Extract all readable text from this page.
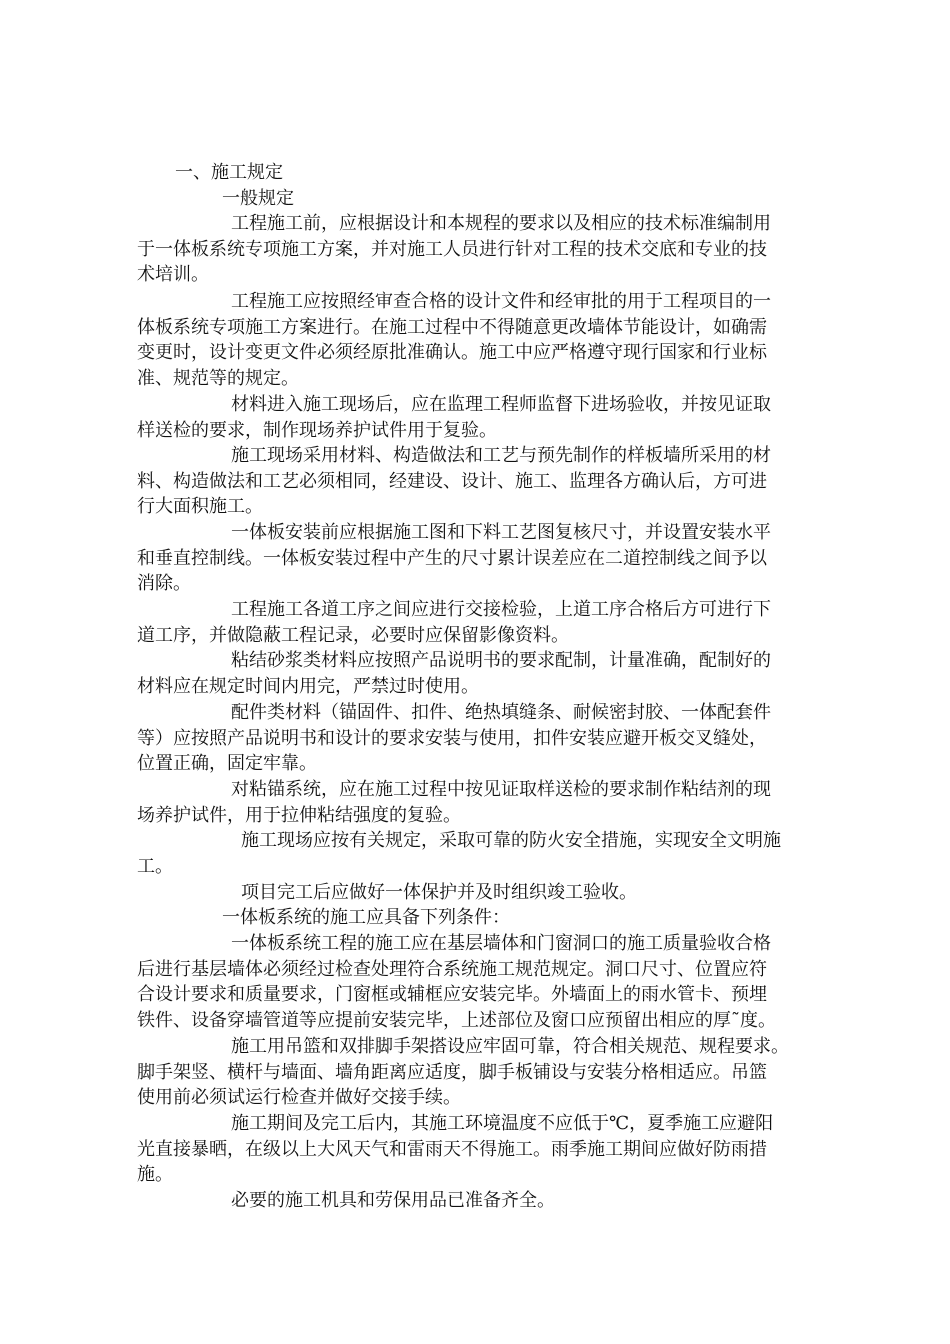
一、施工规定
一般规定
工程施工前，应根据设计和本规程的要求以及相应的技术标准编制用
于一体板系统专项施工方案，并对施工人员进行针对工程的技术交底和专业的技
术培训。
工程施工应按照经审查合格的设计文件和经审批的用于工程项目的一
体板系统专项施工方案进行。在施工过程中不得随意更改墙体节能设计，如确需
变更时，设计变更文件必须经原批准确认。施工中应严格遵守现行国家和行业标
准、规范等的规定。
材料进入施工现场后，应在监理工程师监督下进场验收，并按见证取
样送检的要求，制作现场养护试件用于复验。
施工现场采用材料、构造做法和工艺与预先制作的样板墙所采用的材
料、构造做法和工艺必须相同，经建设、设计、施工、监理各方确认后，方可进
行大面积施工。
一体板安装前应根据施工图和下料工艺图复核尺寸，并设置安装水平
和垂直控制线。一体板安装过程中产生的尺寸累计误差应在二道控制线之间予以
消除。
工程施工各道工序之间应进行交接检验，上道工序合格后方可进行下
道工序，并做隐蔽工程记录，必要时应保留影像资料。
粘结砂浆类材料应按照产品说明书的要求配制，计量准确，配制好的
材料应在规定时间内用完，严禁过时使用。
配件类材料（锚固件、扣件、绝热填缝条、耐候密封胶、一体配套件
等）应按照产品说明书和设计的要求安装与使用，扣件安装应避开板交叉缝处，
位置正确，固定牢靠。
对粘锚系统，应在施工过程中按见证取样送检的要求制作粘结剂的现
场养护试件，用于拉伸粘结强度的复验。
施工现场应按有关规定，采取可靠的防火安全措施，实现安全文明施
工。
项目完工后应做好一体保护并及时组织竣工验收。
一体板系统的施工应具备下列条件：
一体板系统工程的施工应在基层墙体和门窗洞口的施工质量验收合格
后进行基层墙体必须经过检查处理符合系统施工规范规定。洞口尺寸、位置应符
合设计要求和质量要求，门窗框或辅框应安装完毕。外墙面上的雨水管卡、预埋
铁件、设备穿墙管道等应提前安装完毕，上述部位及窗口应预留出相应的厚˜度。
施工用吊篮和双排脚手架搭设应牢固可靠，符合相关规范、规程要求。
脚手架竖、横杆与墙面、墙角距离应适度，脚手板铺设与安装分格相适应。吊篮
使用前必须试运行检查并做好交接手续。
施工期间及完工后内，其施工环境温度不应低于℃，夏季施工应避阳
光直接暴晒，在级以上大风天气和雷雨天不得施工。雨季施工期间应做好防雨措
施。
必要的施工机具和劳保用品已准备齐全。
